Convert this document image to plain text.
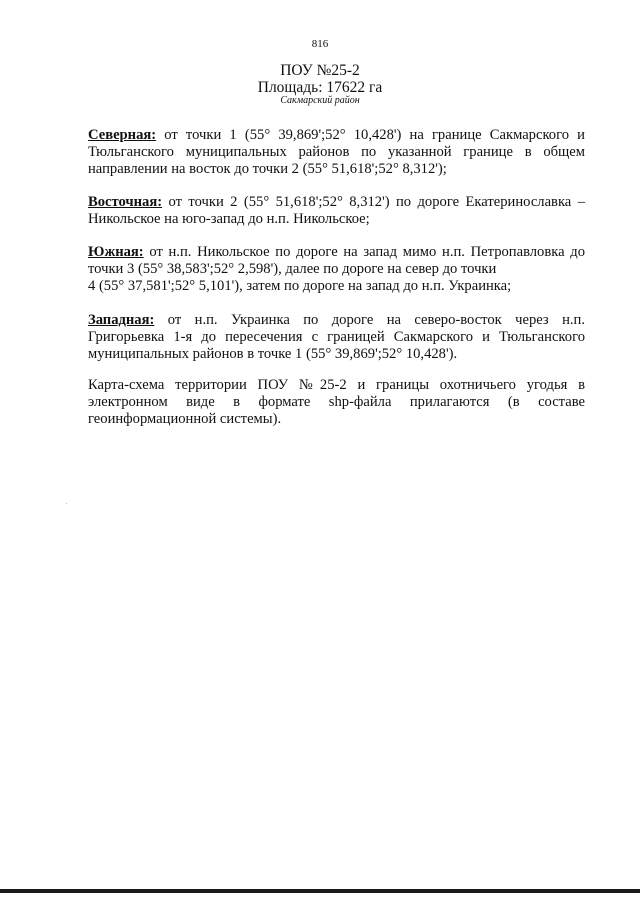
816
ПОУ №25-2
Площадь: 17622 га
Сакмарский район
Северная: от точки 1 (55° 39,869';52° 10,428') на границе Сакмарского и
Тюльганского муниципальных районов по указанной границе в общем
направлении на восток до точки 2 (55° 51,618';52° 8,312');
Восточная: от точки 2 (55° 51,618';52° 8,312') по дороге Екатеринославка –
Никольское на юго-запад до н.п. Никольское;
Южная: от н.п. Никольское по дороге на запад мимо н.п. Петропавловка до
точки 3 (55° 38,583';52° 2,598'), далее по дороге на север до точки
4 (55° 37,581';52° 5,101'), затем по дороге на запад до н.п. Украинка;
Западная: от н.п. Украинка по дороге на северо-восток через н.п.
Григорьевка 1-я до пересечения с границей Сакмарского и Тюльганского
муниципальных районов в точке 1 (55° 39,869';52° 10,428').
Карта-схема территории ПОУ №25-2 и границы охотничьего угодья в
электронном виде в формате shp-файла прилагаются (в составе
геоинформационной системы).
